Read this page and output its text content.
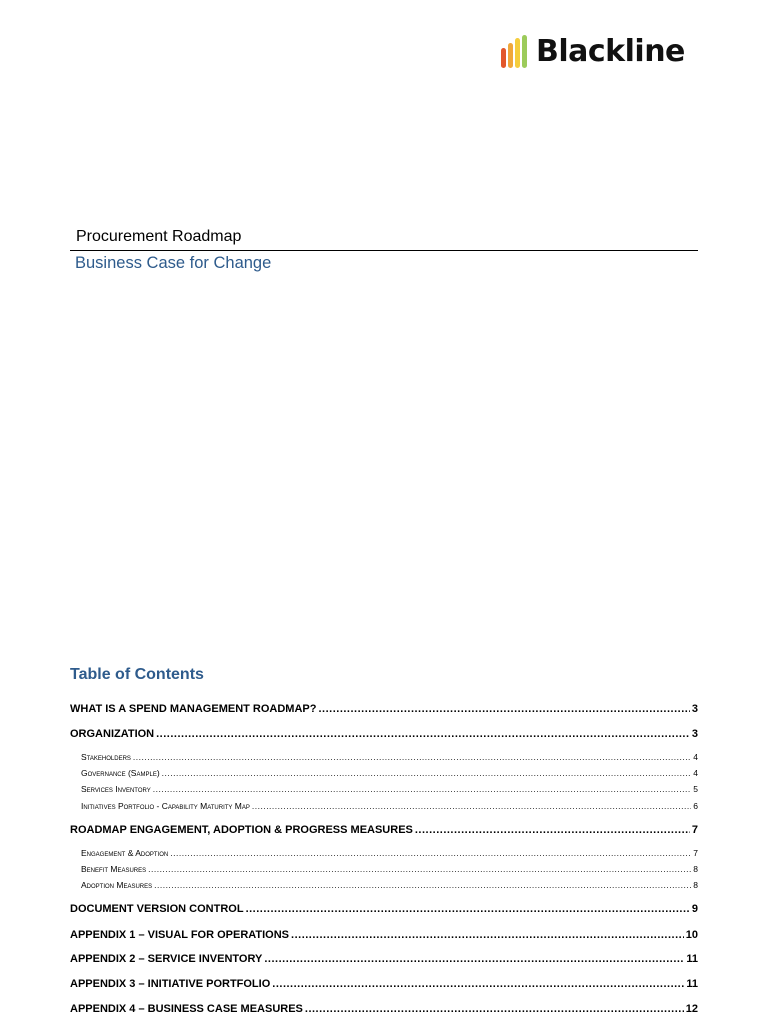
Blackline
Procurement Roadmap
Business Case for Change
Table of Contents
WHAT IS A SPEND MANAGEMENT ROADMAP? .....	3
ORGANIZATION .....	3
Stakeholders .....	4
Governance (Sample) .....	4
Services Inventory .....	5
Initiatives Portfolio - Capability Maturity Map .....	6
ROADMAP ENGAGEMENT, ADOPTION & PROGRESS MEASURES .....	7
Engagement & Adoption .....	7
Benefit Measures .....	8
Adoption Measures .....	8
DOCUMENT VERSION CONTROL .....	9
APPENDIX 1 – VISUAL FOR OPERATIONS .....	10
APPENDIX 2 – SERVICE INVENTORY .....	11
APPENDIX 3 – INITIATIVE PORTFOLIO .....	11
APPENDIX 4 – BUSINESS CASE MEASURES .....	12
